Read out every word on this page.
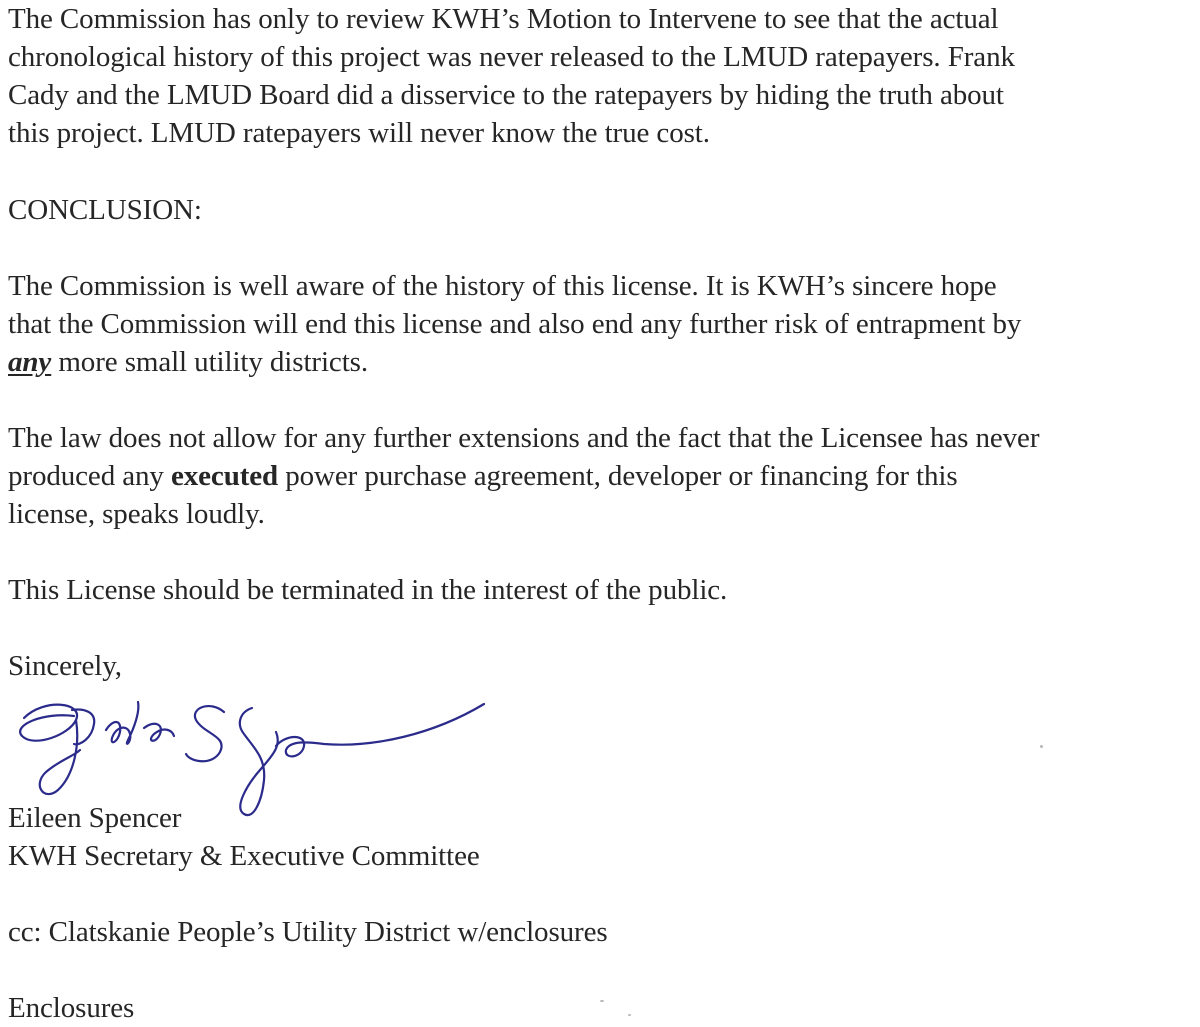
The Commission has only to review KWH’s Motion to Intervene to see that the actual
chronological history of this project was never released to the LMUD ratepayers. Frank
Cady and the LMUD Board did a disservice to the ratepayers by hiding the truth about
this project. LMUD ratepayers will never know the true cost.
CONCLUSION:
The Commission is well aware of the history of this license. It is KWH’s sincere hope
that the Commission will end this license and also end any further risk of entrapment by
any more small utility districts.
The law does not allow for any further extensions and the fact that the Licensee has never
produced any executed power purchase agreement, developer or financing for this
license, speaks loudly.
This License should be terminated in the interest of the public.
Sincerely,
Eileen Spencer
KWH Secretary & Executive Committee
cc: Clatskanie People’s Utility District w/enclosures
Enclosures
